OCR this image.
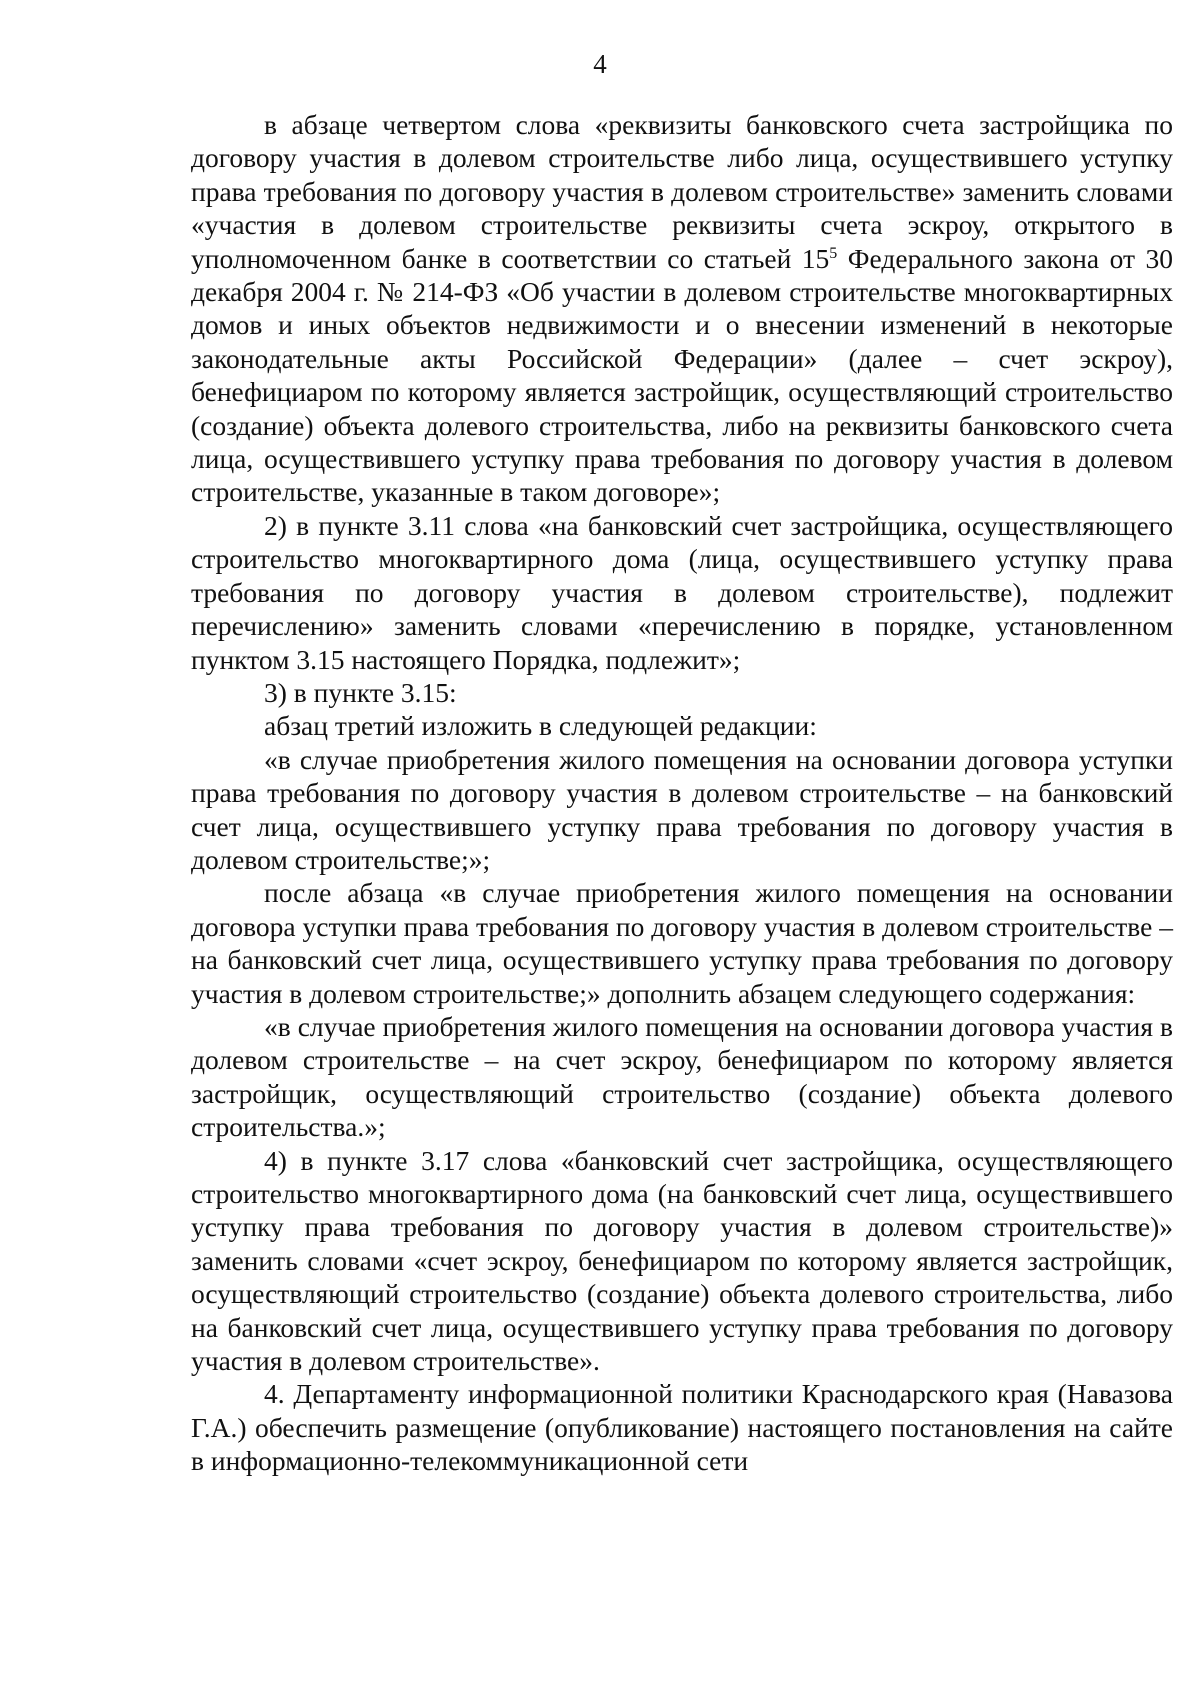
4

в абзаце четвертом слова «реквизиты банковского счета застройщика по договору участия в долевом строительстве либо лица, осуществившего уступку права требования по договору участия в долевом строительстве» заменить словами «участия в долевом строительстве реквизиты счета эскроу, открытого в уполномоченном банке в соответствии со статьей $15^5$ Федерального закона от 30 декабря 2004 г. № 214-ФЗ «Об участии в долевом строительстве многоквартирных домов и иных объектов недвижимости и о внесении изменений в некоторые законодательные акты Российской Федерации» (далее – счет эскроу), бенефициаром по которому является застройщик, осуществляющий строительство (создание) объекта долевого строительства, либо на реквизиты банковского счета лица, осуществившего уступку права требования по договору участия в долевом строительстве, указанные в таком договоре»;

2) в пункте 3.11 слова «на банковский счет застройщика, осуществляющего строительство многоквартирного дома (лица, осуществившего уступку права требования по договору участия в долевом строительстве), подлежит перечислению» заменить словами «перечислению в порядке, установленном пунктом 3.15 настоящего Порядка, подлежит»;

3) в пункте 3.15:

абзац третий изложить в следующей редакции:

«в случае приобретения жилого помещения на основании договора уступки права требования по договору участия в долевом строительстве – на банковский счет лица, осуществившего уступку права требования по договору участия в долевом строительстве;»;

после абзаца «в случае приобретения жилого помещения на основании договора уступки права требования по договору участия в долевом строительстве – на банковский счет лица, осуществившего уступку права требования по договору участия в долевом строительстве;» дополнить абзацем следующего содержания:

«в случае приобретения жилого помещения на основании договора участия в долевом строительстве – на счет эскроу, бенефициаром по которому является застройщик, осуществляющий строительство (создание) объекта долевого строительства.»;

4) в пункте 3.17 слова «банковский счет застройщика, осуществляющего строительство многоквартирного дома (на банковский счет лица, осуществившего уступку права требования по договору участия в долевом строительстве)» заменить словами «счет эскроу, бенефициаром по которому является застройщик, осуществляющий строительство (создание) объекта долевого строительства, либо на банковский счет лица, осуществившего уступку права требования по договору участия в долевом строительстве».

4. Департаменту информационной политики Краснодарского края (Навазова Г.А.) обеспечить размещение (опубликование) настоящего постановления на сайте в информационно-телекоммуникационной сети
